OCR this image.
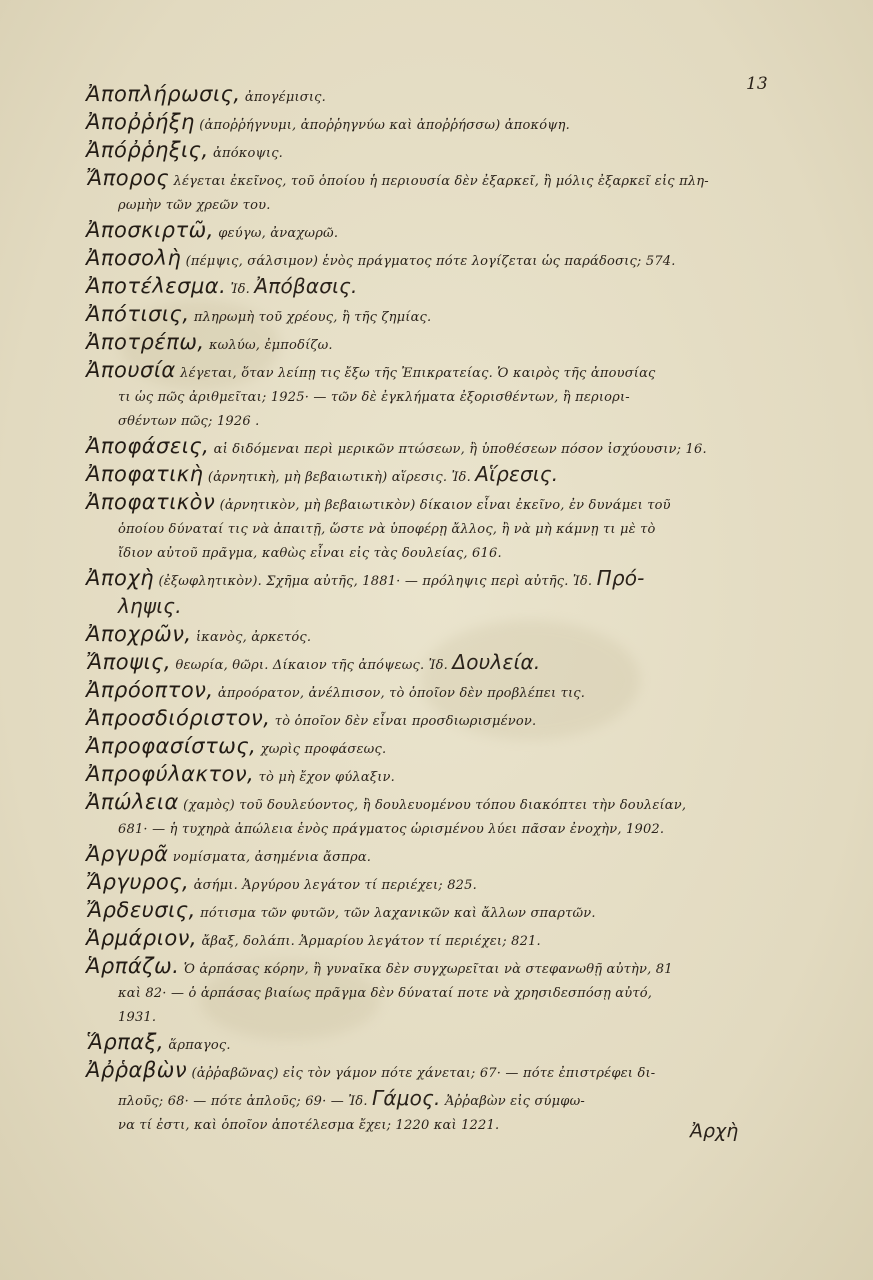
13

Ἀποπλήρωσις, ἀπογέμισις.

Ἀποῤῥήξη (ἀποῤῥήγνυμι, ἀποῤῥηγνύω καὶ ἀποῤῥήσσω) ἀποκόψη.

Ἀπόῤῥηξις, ἀπόκοψις.

Ἄπορος λέγεται ἐκεῖνος, τοῦ ὁποίου ἡ περιουσία δὲν ἐξαρκεῖ, ἢ μόλις ἐξαρκεῖ εἰς πλη-
ρωμὴν τῶν χρεῶν του.

Ἀποσκιρτῶ, φεύγω, ἀναχωρῶ.

Ἀποσολὴ (πέμψις, σάλσιμον) ἑνὸς πράγματος πότε λογίζεται ὡς παράδοσις; 574.

Ἀποτέλεσμα. Ἰδ. Ἀπόβασις.

Ἀπότισις, πληρωμὴ τοῦ χρέους, ἢ τῆς ζημίας.

Ἀποτρέπω, κωλύω, ἐμποδίζω.

Ἀπουσία λέγεται, ὅταν λείπῃ τις ἔξω τῆς Ἐπικρατείας. Ὁ καιρὸς τῆς ἀπουσίας
τι ὡς πῶς ἀριθμεῖται; 1925· — τῶν δὲ ἐγκλήματα ἐξορισθέντων, ἢ περιορι-
σθέντων πῶς; 1926 .

Ἀποφάσεις, αἱ διδόμεναι περὶ μερικῶν πτώσεων, ἢ ὑποθέσεων πόσον ἰσχύουσιν; 16.

Ἀποφατικὴ (ἀρνητικὴ, μὴ βεβαιωτικὴ) αἵρεσις. Ἰδ. Αἵρεσις.

Ἀποφατικὸν (ἀρνητικὸν, μὴ βεβαιωτικὸν) δίκαιον εἶναι ἐκεῖνο, ἐν δυνάμει τοῦ
ὁποίου δύναταί τις νὰ ἀπαιτῇ, ὥστε νὰ ὑποφέρῃ ἄλλος, ἢ νὰ μὴ κάμνῃ τι μὲ τὸ
ἴδιον αὐτοῦ πρᾶγμα, καθὼς εἶναι εἰς τὰς δουλείας, 616.

Ἀποχὴ (ἐξωφλητικὸν). Σχῆμα αὐτῆς, 1881· — πρόληψις περὶ αὐτῆς. Ἰδ. Πρό-
ληψις.

Ἀποχρῶν, ἱκανὸς, ἀρκετός.

Ἄποψις, θεωρία, θῶρι. Δίκαιον τῆς ἀπόψεως. Ἰδ. Δουλεία.

Ἀπρόοπτον, ἀπροόρατον, ἀνέλπισον, τὸ ὁποῖον δὲν προβλέπει τις.

Ἀπροσδιόριστον, τὸ ὁποῖον δὲν εἶναι προσδιωρισμένον.

Ἀπροφασίστως, χωρὶς προφάσεως.

Ἀπροφύλακτον, τὸ μὴ ἔχον φύλαξιν.

Ἀπώλεια (χαμὸς) τοῦ δουλεύοντος, ἢ δουλευομένου τόπου διακόπτει τὴν δουλείαν,
681· — ἡ τυχηρὰ ἀπώλεια ἑνὸς πράγματος ὡρισμένου λύει πᾶσαν ἐνοχὴν, 1902.

Ἀργυρᾶ νομίσματα, ἀσημένια ἄσπρα.

Ἄργυρος, ἀσήμι. Ἀργύρου λεγάτον τί περιέχει; 825.

Ἄρδευσις, πότισμα τῶν φυτῶν, τῶν λαχανικῶν καὶ ἄλλων σπαρτῶν.

Ἁρμάριον, ἄβαξ, δολάπι. Ἁρμαρίου λεγάτον τί περιέχει; 821.

Ἁρπάζω. Ὁ ἁρπάσας κόρην, ἢ γυναῖκα δὲν συγχωρεῖται νὰ στεφανωθῇ αὐτὴν, 81
καὶ 82· — ὁ ἁρπάσας βιαίως πρᾶγμα δὲν δύναταί ποτε νὰ χρησιδεσπόσῃ αὐτό,
1931.

Ἅρπαξ, ἅρπαγος.

Ἀῤῥαβὼν (ἀῤῥαβῶνας) εἰς τὸν γάμον πότε χάνεται; 67· — πότε ἐπιστρέφει δι-
πλοῦς; 68· — πότε ἁπλοῦς; 69· — Ἰδ. Γάμος. Ἀῤῥαβὼν εἰς σύμφω-
να τί ἐστι, καὶ ὁποῖον ἀποτέλεσμα ἔχει; 1220 καὶ 1221.	Ἀρχὴ
